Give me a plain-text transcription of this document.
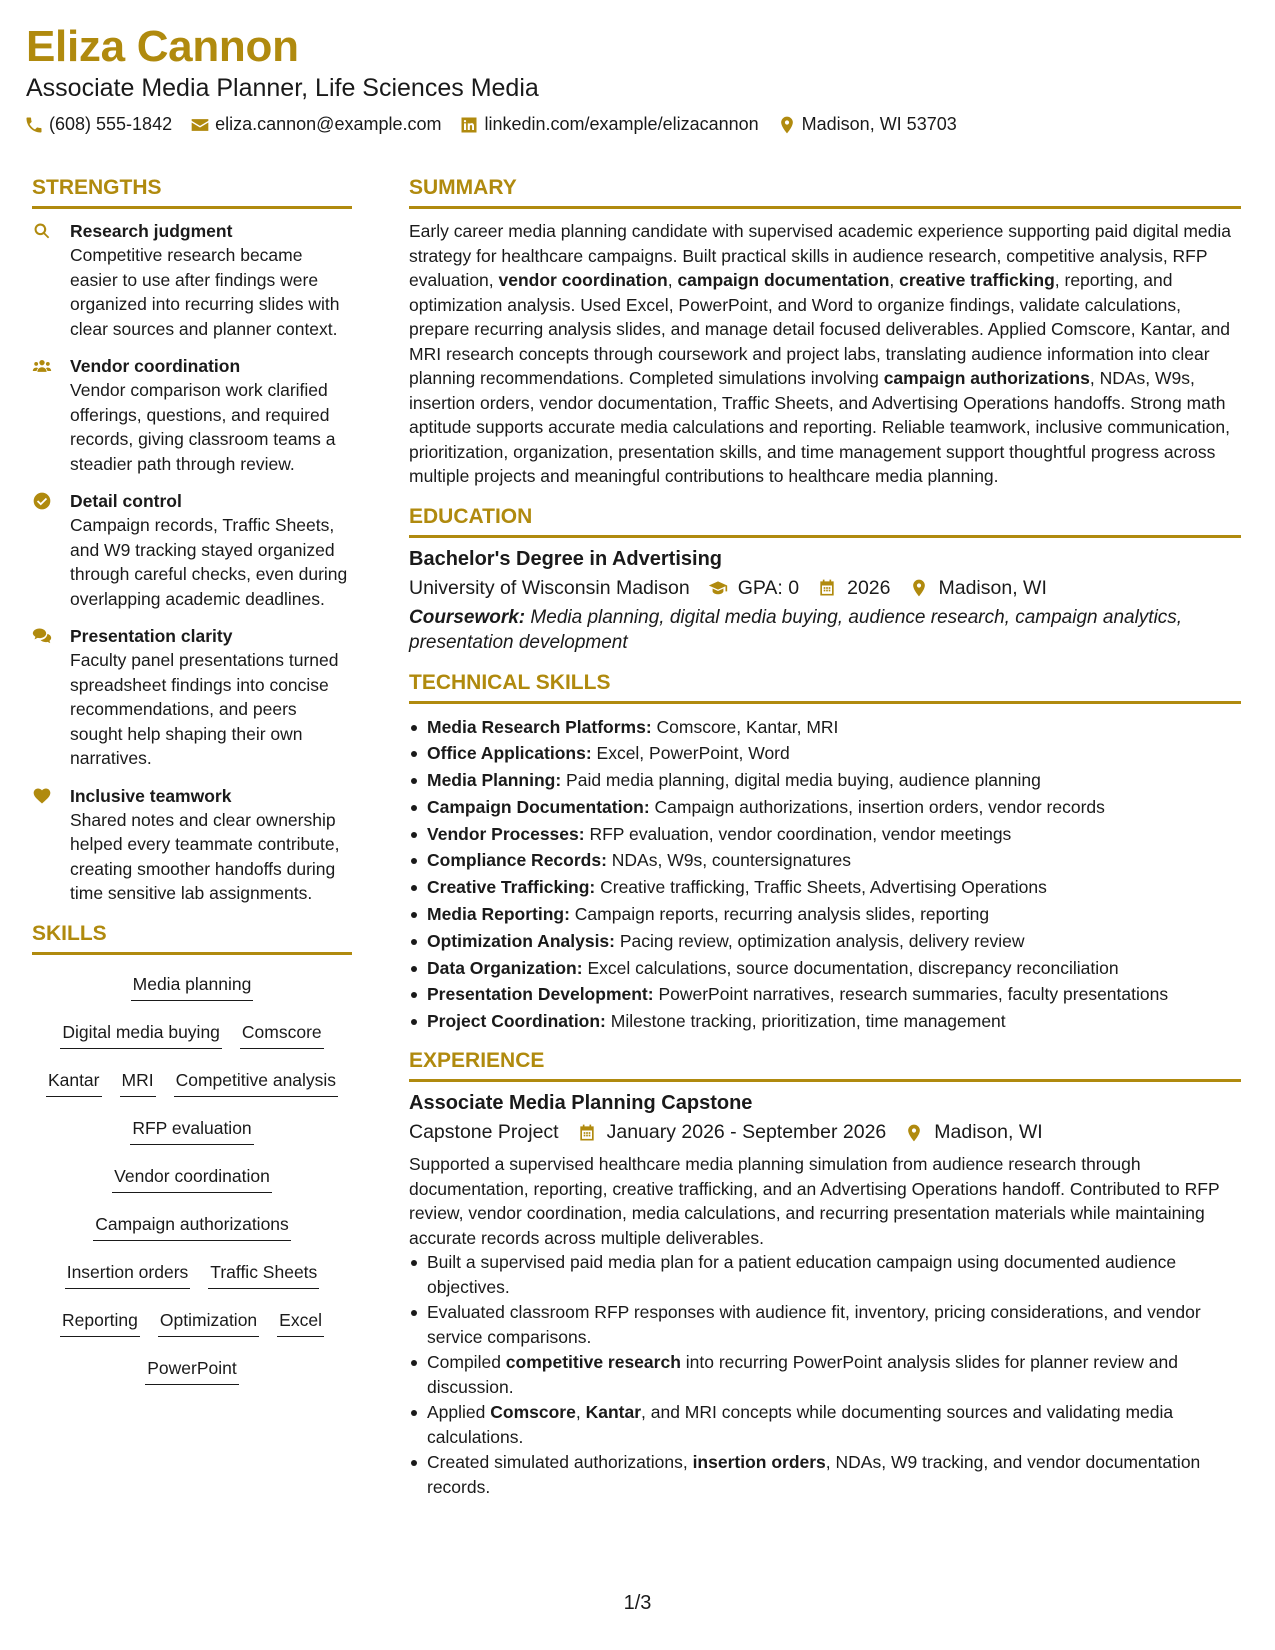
Eliza Cannon
Associate Media Planner, Life Sciences Media
(608) 555-1842 eliza.cannon@example.com linkedin.com/example/elizacannon Madison, WI 53703
STRENGTHS
Research judgment
Competitive research became easier to use after findings were organized into recurring slides with clear sources and planner context.
Vendor coordination
Vendor comparison work clarified offerings, questions, and required records, giving classroom teams a steadier path through review.
Detail control
Campaign records, Traffic Sheets, and W9 tracking stayed organized through careful checks, even during overlapping academic deadlines.
Presentation clarity
Faculty panel presentations turned spreadsheet findings into concise recommendations, and peers sought help shaping their own narratives.
Inclusive teamwork
Shared notes and clear ownership helped every teammate contribute, creating smoother handoffs during time sensitive lab assignments.
SKILLS
Media planning
Digital media buying Comscore
Kantar MRI Competitive analysis
RFP evaluation
Vendor coordination
Campaign authorizations
Insertion orders Traffic Sheets
Reporting Optimization Excel
PowerPoint
SUMMARY
Early career media planning candidate with supervised academic experience supporting paid digital media strategy for healthcare campaigns. Built practical skills in audience research, competitive analysis, RFP evaluation, vendor coordination, campaign documentation, creative trafficking, reporting, and optimization analysis. Used Excel, PowerPoint, and Word to organize findings, validate calculations, prepare recurring analysis slides, and manage detail focused deliverables. Applied Comscore, Kantar, and MRI research concepts through coursework and project labs, translating audience information into clear planning recommendations. Completed simulations involving campaign authorizations, NDAs, W9s, insertion orders, vendor documentation, Traffic Sheets, and Advertising Operations handoffs. Strong math aptitude supports accurate media calculations and reporting. Reliable teamwork, inclusive communication, prioritization, organization, presentation skills, and time management support thoughtful progress across multiple projects and meaningful contributions to healthcare media planning.
EDUCATION
Bachelor's Degree in Advertising
University of Wisconsin Madison GPA: 0 2026 Madison, WI
Coursework: Media planning, digital media buying, audience research, campaign analytics, presentation development
TECHNICAL SKILLS
Media Research Platforms: Comscore, Kantar, MRI
Office Applications: Excel, PowerPoint, Word
Media Planning: Paid media planning, digital media buying, audience planning
Campaign Documentation: Campaign authorizations, insertion orders, vendor records
Vendor Processes: RFP evaluation, vendor coordination, vendor meetings
Compliance Records: NDAs, W9s, countersignatures
Creative Trafficking: Creative trafficking, Traffic Sheets, Advertising Operations
Media Reporting: Campaign reports, recurring analysis slides, reporting
Optimization Analysis: Pacing review, optimization analysis, delivery review
Data Organization: Excel calculations, source documentation, discrepancy reconciliation
Presentation Development: PowerPoint narratives, research summaries, faculty presentations
Project Coordination: Milestone tracking, prioritization, time management
EXPERIENCE
Associate Media Planning Capstone
Capstone Project January 2026 - September 2026 Madison, WI
Supported a supervised healthcare media planning simulation from audience research through documentation, reporting, creative trafficking, and an Advertising Operations handoff. Contributed to RFP review, vendor coordination, media calculations, and recurring presentation materials while maintaining accurate records across multiple deliverables.
Built a supervised paid media plan for a patient education campaign using documented audience objectives.
Evaluated classroom RFP responses with audience fit, inventory, pricing considerations, and vendor service comparisons.
Compiled competitive research into recurring PowerPoint analysis slides for planner review and discussion.
Applied Comscore, Kantar, and MRI concepts while documenting sources and validating media calculations.
Created simulated authorizations, insertion orders, NDAs, W9 tracking, and vendor documentation records.
1/3
